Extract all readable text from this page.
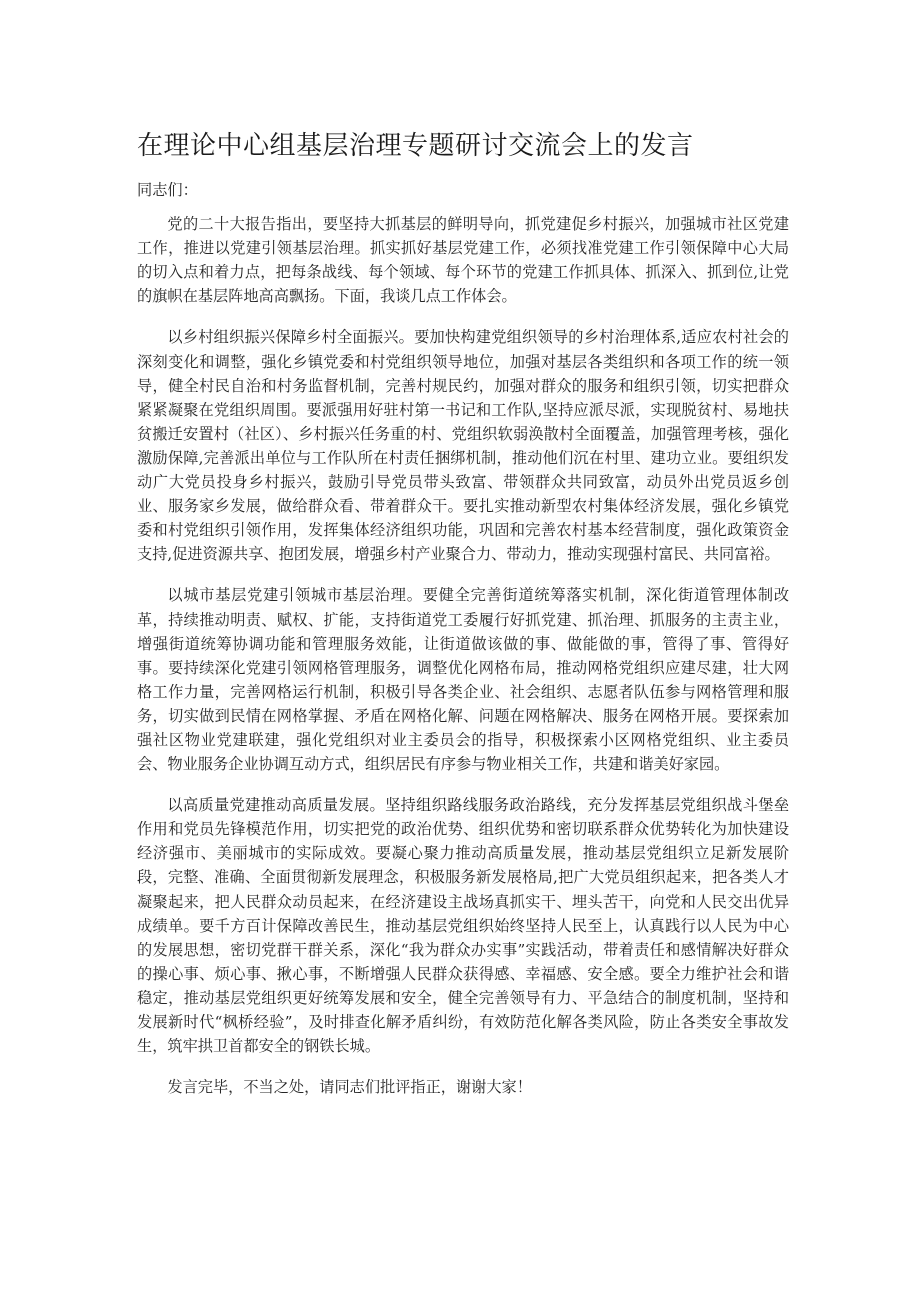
在理论中心组基层治理专题研讨交流会上的发言

同志们：

党的二十大报告指出，要坚持大抓基层的鲜明导向，抓党建促乡村振兴，加强城市社区党建工作，推进以党建引领基层治理。抓实抓好基层党建工作，必须找准党建工作引领保障中心大局的切入点和着力点，把每条战线、每个领域、每个环节的党建工作抓具体、抓深入、抓到位,让党的旗帜在基层阵地高高飘扬。下面，我谈几点工作体会。

以乡村组织振兴保障乡村全面振兴。要加快构建党组织领导的乡村治理体系,适应农村社会的深刻变化和调整，强化乡镇党委和村党组织领导地位，加强对基层各类组织和各项工作的统一领导，健全村民自治和村务监督机制，完善村规民约，加强对群众的服务和组织引领，切实把群众紧紧凝聚在党组织周围。要派强用好驻村第一书记和工作队,坚持应派尽派，实现脱贫村、易地扶贫搬迁安置村（社区）、乡村振兴任务重的村、党组织软弱涣散村全面覆盖，加强管理考核，强化激励保障,完善派出单位与工作队所在村责任捆绑机制，推动他们沉在村里、建功立业。要组织发动广大党员投身乡村振兴，鼓励引导党员带头致富、带领群众共同致富，动员外出党员返乡创业、服务家乡发展，做给群众看、带着群众干。要扎实推动新型农村集体经济发展，强化乡镇党委和村党组织引领作用，发挥集体经济组织功能，巩固和完善农村基本经营制度，强化政策资金支持,促进资源共享、抱团发展，增强乡村产业聚合力、带动力，推动实现强村富民、共同富裕。

以城市基层党建引领城市基层治理。要健全完善街道统筹落实机制，深化街道管理体制改革，持续推动明责、赋权、扩能，支持街道党工委履行好抓党建、抓治理、抓服务的主责主业，增强街道统筹协调功能和管理服务效能，让街道做该做的事、做能做的事，管得了事、管得好事。要持续深化党建引领网格管理服务，调整优化网格布局，推动网格党组织应建尽建，壮大网格工作力量，完善网格运行机制，积极引导各类企业、社会组织、志愿者队伍参与网格管理和服务，切实做到民情在网格掌握、矛盾在网格化解、问题在网格解决、服务在网格开展。要探索加强社区物业党建联建，强化党组织对业主委员会的指导，积极探索小区网格党组织、业主委员会、物业服务企业协调互动方式，组织居民有序参与物业相关工作，共建和谐美好家园。

以高质量党建推动高质量发展。坚持组织路线服务政治路线，充分发挥基层党组织战斗堡垒作用和党员先锋模范作用，切实把党的政治优势、组织优势和密切联系群众优势转化为加快建设经济强市、美丽城市的实际成效。要凝心聚力推动高质量发展，推动基层党组织立足新发展阶段，完整、准确、全面贯彻新发展理念，积极服务新发展格局,把广大党员组织起来，把各类人才凝聚起来，把人民群众动员起来，在经济建设主战场真抓实干、埋头苦干，向党和人民交出优异成绩单。要千方百计保障改善民生，推动基层党组织始终坚持人民至上，认真践行以人民为中心的发展思想，密切党群干群关系，深化“我为群众办实事”实践活动，带着责任和感情解决好群众的操心事、烦心事、揪心事，不断增强人民群众获得感、幸福感、安全感。要全力维护社会和谐稳定，推动基层党组织更好统筹发展和安全，健全完善领导有力、平急结合的制度机制，坚持和发展新时代“枫桥经验”，及时排查化解矛盾纠纷，有效防范化解各类风险，防止各类安全事故发生，筑牢拱卫首都安全的钢铁长城。

发言完毕，不当之处，请同志们批评指正，谢谢大家！
